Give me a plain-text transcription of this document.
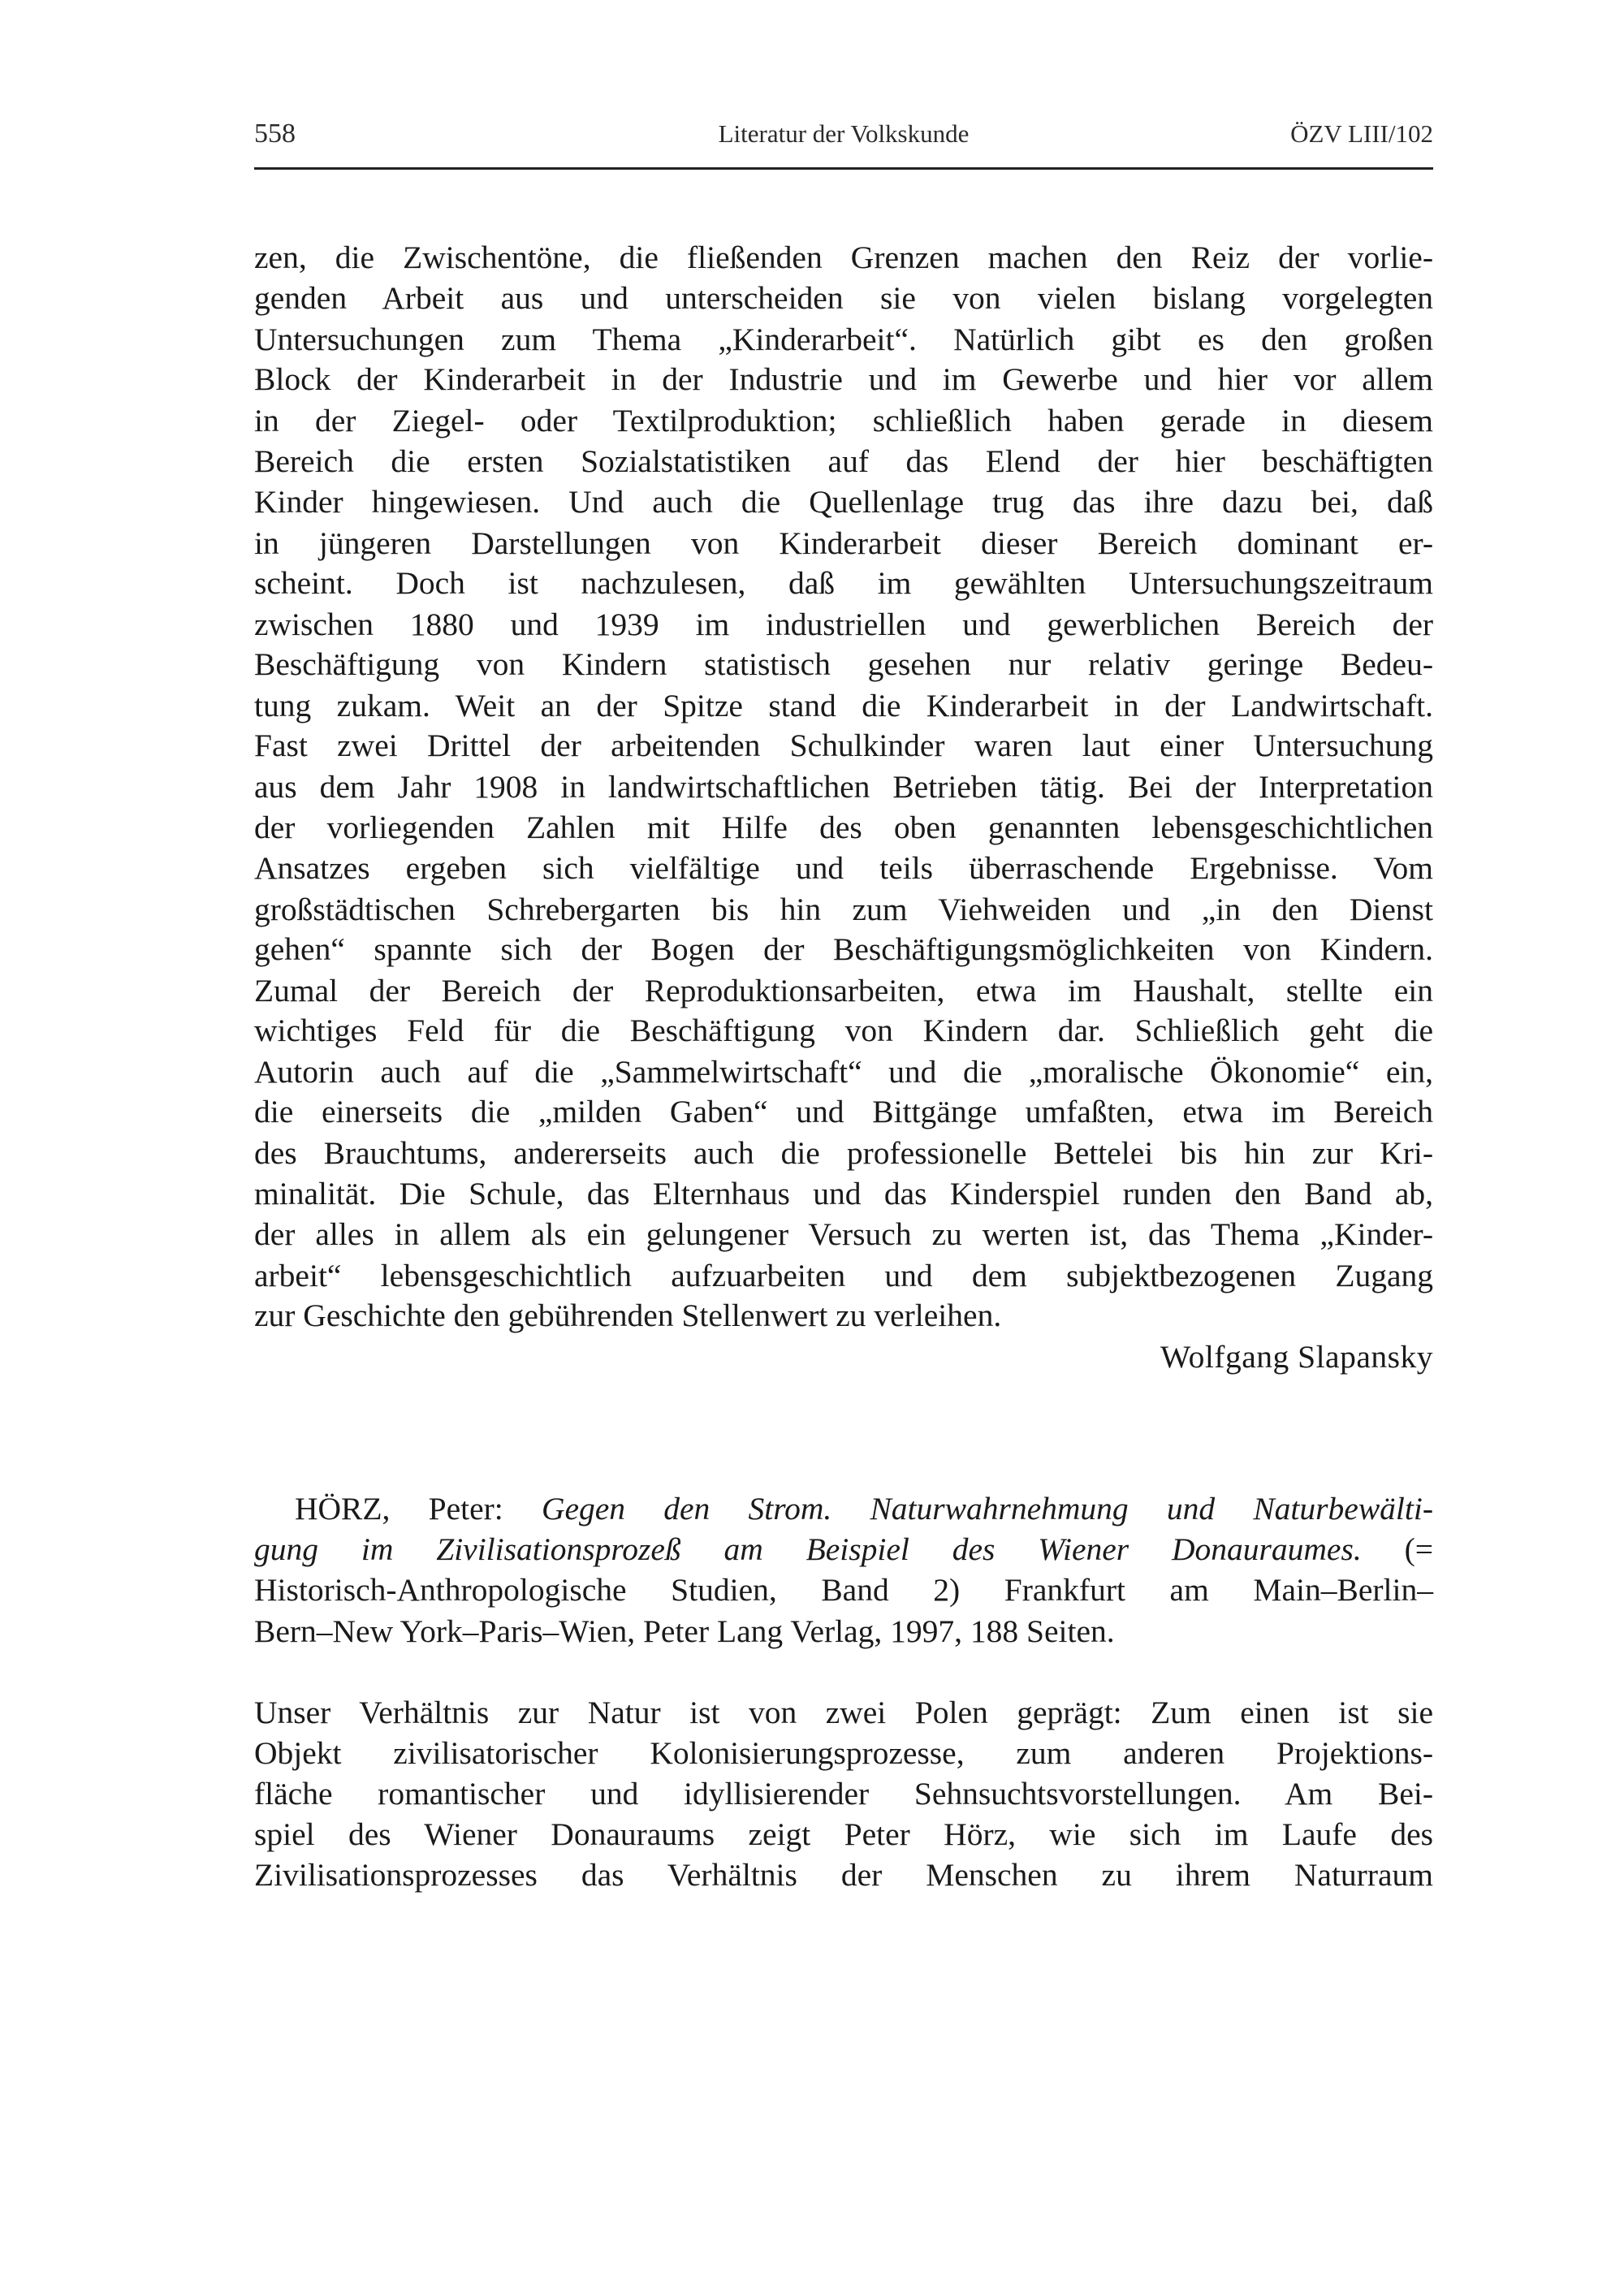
558	Literatur der Volkskunde	ÖZV LIII/102
zen, die Zwischentöne, die fließenden Grenzen machen den Reiz der vorlie-
genden Arbeit aus und unterscheiden sie von vielen bislang vorgelegten
Untersuchungen zum Thema „Kinderarbeit“. Natürlich gibt es den großen
Block der Kinderarbeit in der Industrie und im Gewerbe und hier vor allem
in der Ziegel- oder Textilproduktion; schließlich haben gerade in diesem
Bereich die ersten Sozialstatistiken auf das Elend der hier beschäftigten
Kinder hingewiesen. Und auch die Quellenlage trug das ihre dazu bei, daß
in jüngeren Darstellungen von Kinderarbeit dieser Bereich dominant er-
scheint. Doch ist nachzulesen, daß im gewählten Untersuchungszeitraum
zwischen 1880 und 1939 im industriellen und gewerblichen Bereich der
Beschäftigung von Kindern statistisch gesehen nur relativ geringe Bedeu-
tung zukam. Weit an der Spitze stand die Kinderarbeit in der Landwirtschaft.
Fast zwei Drittel der arbeitenden Schulkinder waren laut einer Untersuchung
aus dem Jahr 1908 in landwirtschaftlichen Betrieben tätig. Bei der Interpretation
der vorliegenden Zahlen mit Hilfe des oben genannten lebensgeschichtlichen
Ansatzes ergeben sich vielfältige und teils überraschende Ergebnisse. Vom
großstädtischen Schrebergarten bis hin zum Viehweiden und „in den Dienst
gehen“ spannte sich der Bogen der Beschäftigungsmöglichkeiten von Kindern.
Zumal der Bereich der Reproduktionsarbeiten, etwa im Haushalt, stellte ein
wichtiges Feld für die Beschäftigung von Kindern dar. Schließlich geht die
Autorin auch auf die „Sammelwirtschaft“ und die „moralische Ökonomie“ ein,
die einerseits die „milden Gaben“ und Bittgänge umfaßten, etwa im Bereich
des Brauchtums, andererseits auch die professionelle Bettelei bis hin zur Kri-
minalität. Die Schule, das Elternhaus und das Kinderspiel runden den Band ab,
der alles in allem als ein gelungener Versuch zu werten ist, das Thema „Kinder-
arbeit“ lebensgeschichtlich aufzuarbeiten und dem subjektbezogenen Zugang
zur Geschichte den gebührenden Stellenwert zu verleihen.
Wolfgang Slapansky
HÖRZ, Peter: Gegen den Strom. Naturwahrnehmung und Naturbewälti-
gung im Zivilisationsprozeß am Beispiel des Wiener Donauraumes. (=
Historisch-Anthropologische Studien, Band 2) Frankfurt am Main–Berlin–
Bern–New York–Paris–Wien, Peter Lang Verlag, 1997, 188 Seiten.
Unser Verhältnis zur Natur ist von zwei Polen geprägt: Zum einen ist sie
Objekt zivilisatorischer Kolonisierungsprozesse, zum anderen Projektions-
fläche romantischer und idyllisierender Sehnsuchtsvorstellungen. Am Bei-
spiel des Wiener Donauraums zeigt Peter Hörz, wie sich im Laufe des
Zivilisationsprozesses das Verhältnis der Menschen zu ihrem Naturraum
